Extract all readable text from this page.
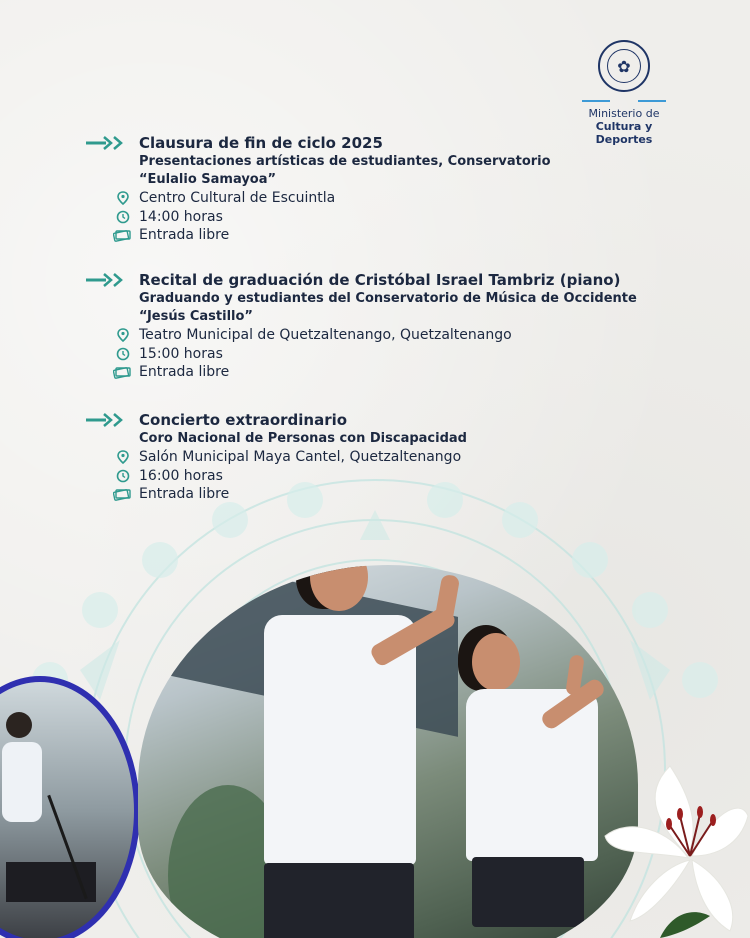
✿
Ministerio de
Cultura y Deportes
Clausura de fin de ciclo 2025
Presentaciones artísticas de estudiantes, Conservatorio
“Eulalio Samayoa”
Centro Cultural de Escuintla
14:00 horas
Entrada libre
Recital de graduación de Cristóbal Israel Tambriz (piano)
Graduando y estudiantes del Conservatorio de Música de Occidente
“Jesús Castillo”
Teatro Municipal de Quetzaltenango, Quetzaltenango
15:00 horas
Entrada libre
Concierto extraordinario
Coro Nacional de Personas con Discapacidad
Salón Municipal Maya Cantel, Quetzaltenango
16:00 horas
Entrada libre
